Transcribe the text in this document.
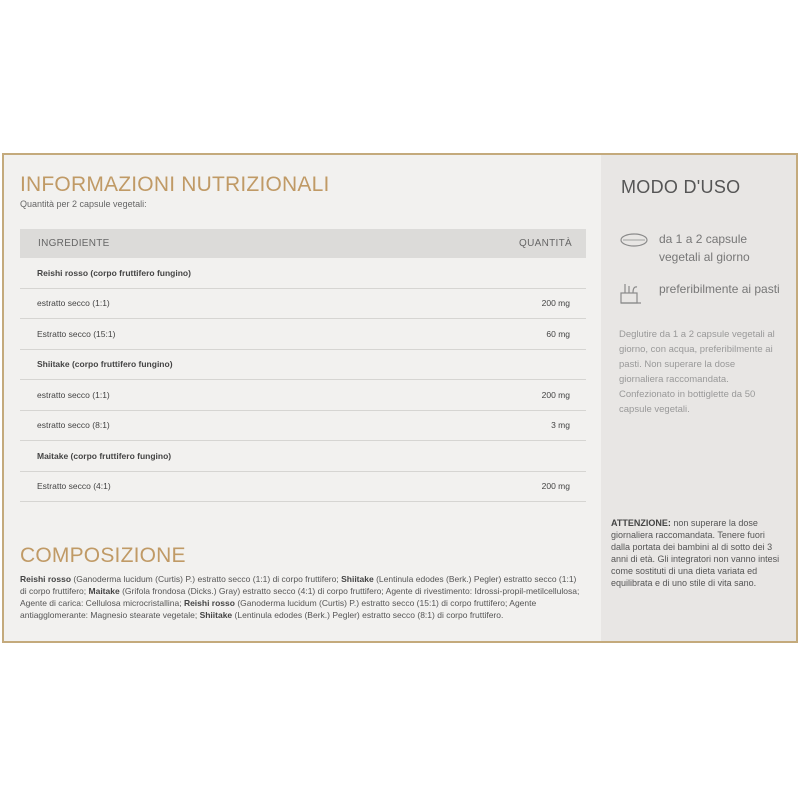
INFORMAZIONI NUTRIZIONALI
Quantità per 2 capsule vegetali:
INGREDIENTE	QUANTITÀ
Reishi rosso (corpo fruttifero fungino)
estratto secco (1:1)	200 mg
Estratto secco (15:1)	60 mg
Shiitake (corpo fruttifero fungino)
estratto secco (1:1)	200 mg
estratto secco (8:1)	3 mg
Maitake (corpo fruttifero fungino)
Estratto secco (4:1)	200 mg
COMPOSIZIONE

Reishi rosso (Ganoderma lucidum (Curtis) P.) estratto secco (1:1) di corpo fruttifero; Shiitake (Lentinula edodes (Berk.) Pegler) estratto secco (1:1) di corpo fruttifero; Maitake (Grifola frondosa (Dicks.) Gray) estratto secco (4:1) di corpo fruttifero; Agente di rivestimento: Idrossi-propil-metilcellulosa; Agente di carica: Cellulosa microcristallina; Reishi rosso (Ganoderma lucidum (Curtis) P.) estratto secco (15:1) di corpo fruttifero; Agente antiagglomerante: Magnesio stearate vegetale; Shiitake (Lentinula edodes (Berk.) Pegler) estratto secco (8:1) di corpo fruttifero.

MODO D'USO
da 1 a 2 capsule vegetali al giorno
preferibilmente ai pasti

Deglutire da 1 a 2 capsule vegetali al giorno, con acqua, preferibilmente ai pasti. Non superare la dose giornaliera raccomandata. Confezionato in bottiglette da 50 capsule vegetali.

ATTENZIONE: non superare la dose giornaliera raccomandata. Tenere fuori dalla portata dei bambini al di sotto dei 3 anni di età. Gli integratori non vanno intesi come sostituti di una dieta variata ed equilibrata e di uno stile di vita sano.
